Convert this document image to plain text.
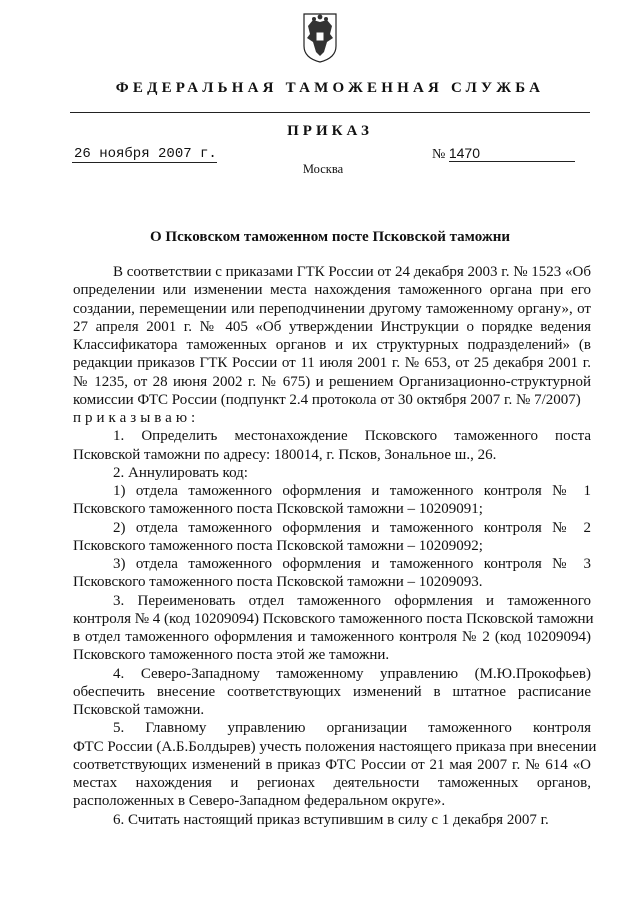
ФЕДЕРАЛЬНАЯ ТАМОЖЕННАЯ СЛУЖБА
ПРИКАЗ
26 ноября 2007 г.	№ 1470
Москва
О Псковском таможенном посте Псковской таможни
В соответствии с приказами ГТК России от 24 декабря 2003 г. № 1523 «Об
определении или изменении места нахождения таможенного органа при его
создании, перемещении или переподчинении другому таможенному органу», от
27 апреля 2001 г. № 405 «Об утверждении Инструкции о порядке ведения
Классификатора таможенных органов и их структурных подразделений» (в
редакции приказов ГТК России от 11 июля 2001 г. № 653, от 25 декабря 2001 г.
№ 1235, от 28 июня 2002 г. № 675) и решением Организационно-структурной
комиссии ФТС России (подпункт 2.4 протокола от 30 октября 2007 г. № 7/2007)
приказываю:
1. Определить местонахождение Псковского таможенного поста
Псковской таможни по адресу: 180014, г. Псков, Зональное ш., 26.
2. Аннулировать код:
1) отдела таможенного оформления и таможенного контроля № 1
Псковского таможенного поста Псковской таможни – 10209091;
2) отдела таможенного оформления и таможенного контроля № 2
Псковского таможенного поста Псковской таможни – 10209092;
3) отдела таможенного оформления и таможенного контроля № 3
Псковского таможенного поста Псковской таможни – 10209093.
3. Переименовать отдел таможенного оформления и таможенного
контроля № 4 (код 10209094) Псковского таможенного поста Псковской таможни
в отдел таможенного оформления и таможенного контроля № 2 (код 10209094)
Псковского таможенного поста этой же таможни.
4. Северо-Западному таможенному управлению (М.Ю.Прокофьев)
обеспечить внесение соответствующих изменений в штатное расписание
Псковской таможни.
5. Главному управлению организации таможенного контроля
ФТС России (А.Б.Болдырев) учесть положения настоящего приказа при внесении
соответствующих изменений в приказ ФТС России от 21 мая 2007 г. № 614 «О
местах нахождения и регионах деятельности таможенных органов,
расположенных в Северо-Западном федеральном округе».
6. Считать настоящий приказ вступившим в силу с 1 декабря 2007 г.
